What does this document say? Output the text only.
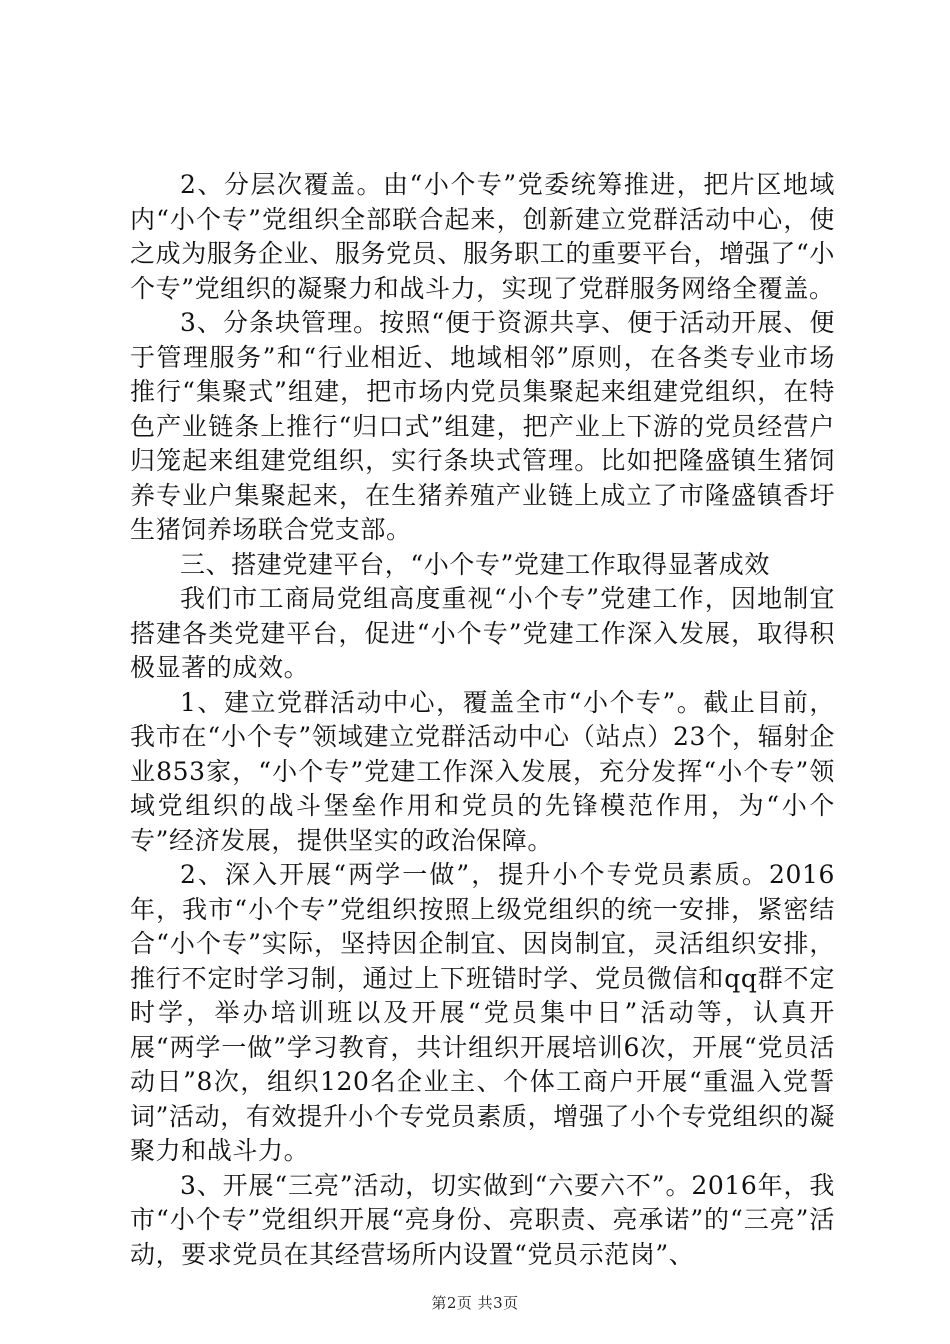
2、分层次覆盖。由“小个专”党委统筹推进，把片区地域内“小个专”党组织全部联合起来，创新建立党群活动中心，使之成为服务企业、服务党员、服务职工的重要平台，增强了“小个专”党组织的凝聚力和战斗力，实现了党群服务网络全覆盖。

3、分条块管理。按照“便于资源共享、便于活动开展、便于管理服务”和“行业相近、地域相邻”原则，在各类专业市场推行“集聚式”组建，把市场内党员集聚起来组建党组织，在特色产业链条上推行“归口式”组建，把产业上下游的党员经营户归笼起来组建党组织，实行条块式管理。比如把隆盛镇生猪饲养专业户集聚起来，在生猪养殖产业链上成立了市隆盛镇香圩生猪饲养场联合党支部。

三、搭建党建平台，“小个专”党建工作取得显著成效

我们市工商局党组高度重视“小个专”党建工作，因地制宜搭建各类党建平台，促进“小个专”党建工作深入发展，取得积极显著的成效。

1、建立党群活动中心，覆盖全市“小个专”。截止目前，我市在“小个专”领域建立党群活动中心（站点）23个，辐射企业853家，“小个专”党建工作深入发展，充分发挥“小个专”领域党组织的战斗堡垒作用和党员的先锋模范作用，为“小个专”经济发展，提供坚实的政治保障。

2、深入开展“两学一做”，提升小个专党员素质。2016年，我市“小个专”党组织按照上级党组织的统一安排，紧密结合“小个专”实际，坚持因企制宜、因岗制宜，灵活组织安排，推行不定时学习制，通过上下班错时学、党员微信和qq群不定时学，举办培训班以及开展“党员集中日”活动等，认真开展“两学一做”学习教育，共计组织开展培训6次，开展“党员活动日”8次，组织120名企业主、个体工商户开展“重温入党誓词”活动，有效提升小个专党员素质，增强了小个专党组织的凝聚力和战斗力。

3、开展“三亮”活动，切实做到“六要六不”。2016年，我市“小个专”党组织开展“亮身份、亮职责、亮承诺”的“三亮”活动，要求党员在其经营场所内设置“党员示范岗”、

第2页 共3页
